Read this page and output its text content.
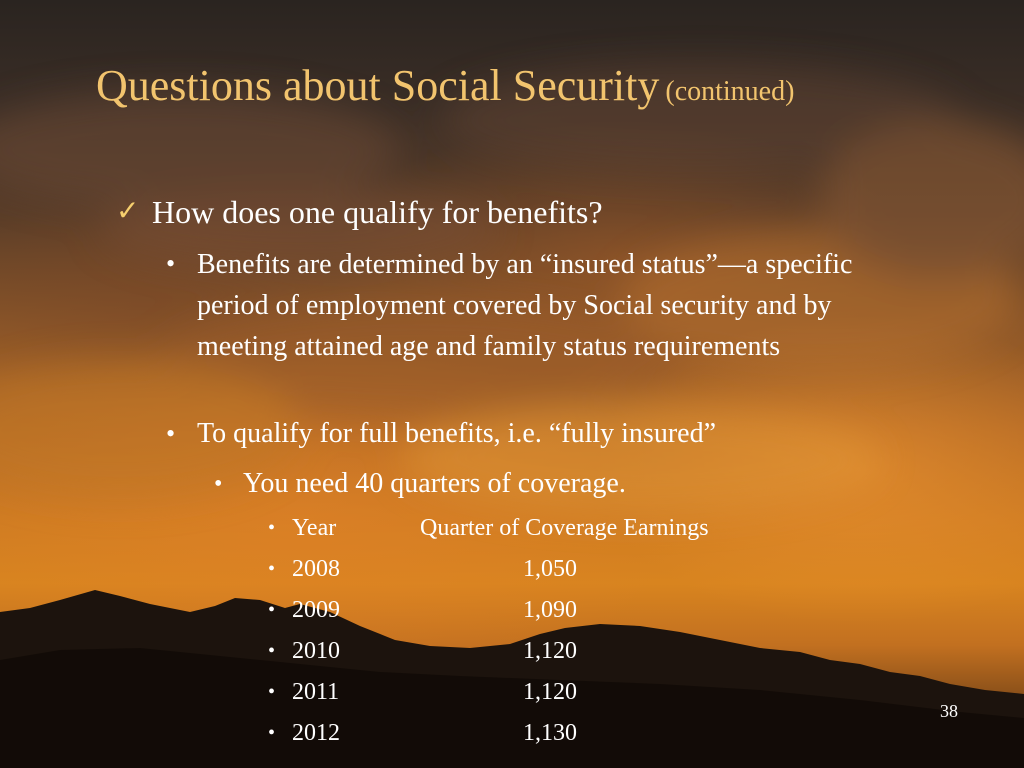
Questions about Social Security (continued)
✓ How does one qualify for benefits?

• Benefits are determined by an “insured status”—a specific period of employment covered by Social security and by meeting attained age and family status requirements

• To qualify for full benefits, i.e. “fully insured”

• You need 40 quarters of coverage.

• Year	Quarter of Coverage Earnings
• 2008	1,050
• 2009	1,090
• 2010	1,120
• 2011	1,120
• 2012	1,130
38
